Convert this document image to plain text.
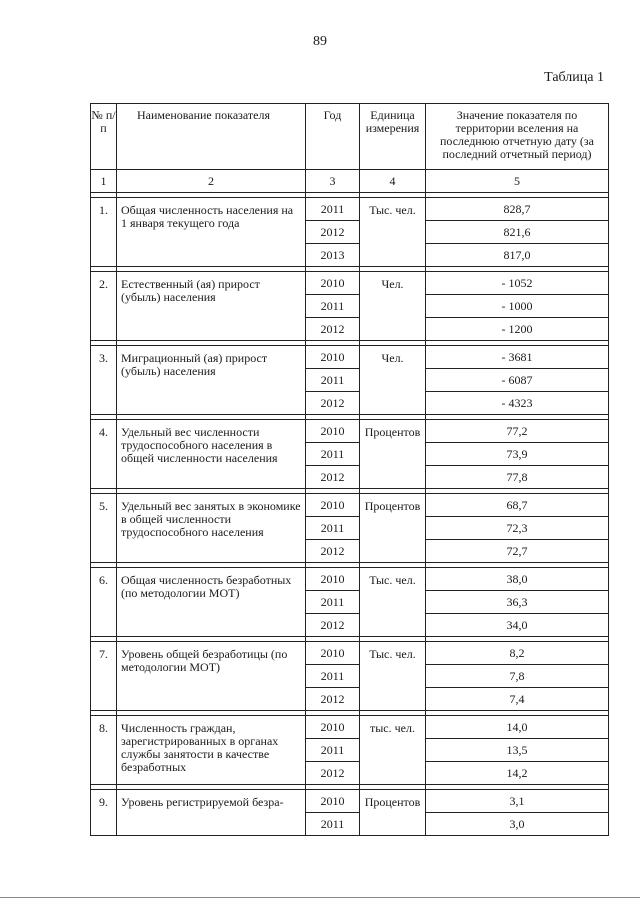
89
Таблица 1
№ п/п	Наименование показателя	Год	Единица измерения	Значение показателя по территории вселения на последнюю отчетную дату (за последний отчетный период)
1	2	3	4	5

1.	Общая численность населения на 1 января текущего года	2011	Тыс. чел.	828,7
		2012		821,6
		2013		817,0

2.	Естественный (ая) прирост (убыль) населения	2010	Чел.	- 1052
		2011		- 1000
		2012		- 1200

3.	Миграционный (ая) прирост (убыль) населения	2010	Чел.	- 3681
		2011		- 6087
		2012		- 4323

4.	Удельный вес численности трудоспособного населения в общей численности населения	2010	Процентов	77,2
		2011		73,9
		2012		77,8

5.	Удельный вес занятых в экономике в общей численности трудоспособного населения	2010	Процентов	68,7
		2011		72,3
		2012		72,7

6.	Общая численность безработных (по методологии МОТ)	2010	Тыс. чел.	38,0
		2011		36,3
		2012		34,0

7.	Уровень общей безработицы (по методологии МОТ)	2010	Тыс. чел.	8,2
		2011		7,8
		2012		7,4

8.	Численность граждан, зарегистрированных в органах службы занятости в качестве безработных	2010	тыс. чел.	14,0
		2011		13,5
		2012		14,2

9.	Уровень регистрируемой безра-	2010	Процентов	3,1
		2011		3,0
